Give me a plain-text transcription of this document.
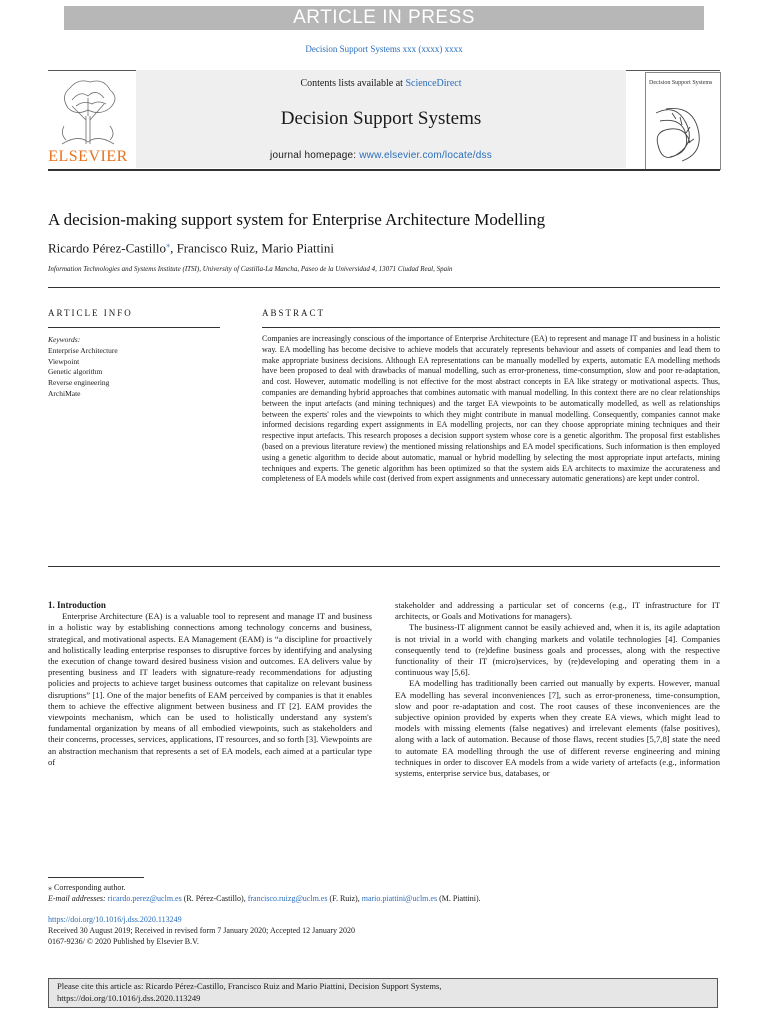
ARTICLE IN PRESS
Decision Support Systems xxx (xxxx) xxxx
ELSEVIER
Contents lists available at ScienceDirect
Decision Support Systems
journal homepage: www.elsevier.com/locate/dss
Decision Support Systems
A decision-making support system for Enterprise Architecture Modelling
Ricardo Pérez-Castillo⁎, Francisco Ruiz, Mario Piattini
Information Technologies and Systems Institute (ITSI), University of Castilla-La Mancha, Paseo de la Universidad 4, 13071 Ciudad Real, Spain
ARTICLE INFO	ABSTRACT
Keywords:
Enterprise Architecture
Viewpoint
Genetic algorithm
Reverse engineering
ArchiMate
Companies are increasingly conscious of the importance of Enterprise Architecture (EA) to represent and manage IT and business in a holistic way. EA modelling has become decisive to achieve models that accurately represents behaviour and assets of companies and lead them to make appropriate business decisions. Although EA representations can be manually modelled by experts, automatic EA modelling methods have been proposed to deal with drawbacks of manual modelling, such as error-proneness, time-consumption, slow and poor re-adaptation, and cost. However, automatic modelling is not effective for the most abstract concepts in EA like strategy or motivational aspects. Thus, companies are demanding hybrid approaches that combines automatic with manual modelling. In this context there are no clear relationships between the input artefacts (and mining techniques) and the target EA viewpoints to be automatically modelled, as well as relationships between the experts' roles and the viewpoints to which they might contribute in manual modelling. Consequently, companies cannot make informed decisions regarding expert assignments in EA modelling projects, nor can they choose appropriate mining techniques and their respective input artefacts. This research proposes a decision support system whose core is a genetic algorithm. The proposal first establishes (based on a previous literature review) the mentioned missing relationships and EA model specifications. Such information is then employed using a genetic algorithm to decide about automatic, manual or hybrid modelling by selecting the most appropriate input artefacts, mining techniques and experts. The genetic algorithm has been optimized so that the system aids EA architects to maximize the accurateness and completeness of EA models while cost (derived from expert assignments and unnecessary automatic generations) are kept under control.

1. Introduction

Enterprise Architecture (EA) is a valuable tool to represent and manage IT and business in a holistic way by establishing connections among technology concerns and business, strategical, and motivational aspects. EA Management (EAM) is “a discipline for proactively and holistically leading enterprise responses to disruptive forces by identifying and analysing the execution of change toward desired business vision and outcomes. EA delivers value by presenting business and IT leaders with signature-ready recommendations for adjusting policies and projects to achieve target business outcomes that capitalize on relevant business disruptions” [1]. One of the major benefits of EAM perceived by companies is that it enables them to achieve the effective alignment between business and IT [2]. EAM provides the viewpoints mechanism, which can be used to holistically understand any system's fundamental organization by means of all embodied viewpoints, such as stakeholders and their concerns, processes, services, applications, IT resources, and so forth [3]. Viewpoints are an abstraction mechanism that represents a set of EA models, each aimed at a particular type of

stakeholder and addressing a particular set of concerns (e.g., IT infrastructure for IT architects, or Goals and Motivations for managers).

The business-IT alignment cannot be easily achieved and, when it is, its agile adaptation is not trivial in a world with changing markets and volatile technologies [4]. Companies consequently tend to (re)define business goals and processes, along with the respective functionality of their IT (micro)services, by (re)developing and operating them in a continuous way [5,6].

EA modelling has traditionally been carried out manually by experts. However, manual EA modelling has several inconveniences [7], such as error-proneness, time-consumption, slow and poor re-adaptation and cost. The root causes of these inconveniences are the subjective opinion provided by experts when they create EA views, which might lead to models with missing elements (false negatives) and irrelevant elements (false positives), along with a lack of automation. Because of those flaws, recent studies [5,7,8] state the need to automate EA modelling through the use of different reverse engineering and mining techniques in order to discover EA models from a wide variety of artefacts (e.g., information systems, enterprise service bus, databases, or

⁎ Corresponding author.
E-mail addresses: ricardo.perez@uclm.es (R. Pérez-Castillo), francisco.ruizg@uclm.es (F. Ruiz), mario.piattini@uclm.es (M. Piattini).
https://doi.org/10.1016/j.dss.2020.113249
Received 30 August 2019; Received in revised form 7 January 2020; Accepted 12 January 2020
0167-9236/ © 2020 Published by Elsevier B.V.
Please cite this article as: Ricardo Pérez-Castillo, Francisco Ruiz and Mario Piattini, Decision Support Systems,
https://doi.org/10.1016/j.dss.2020.113249
